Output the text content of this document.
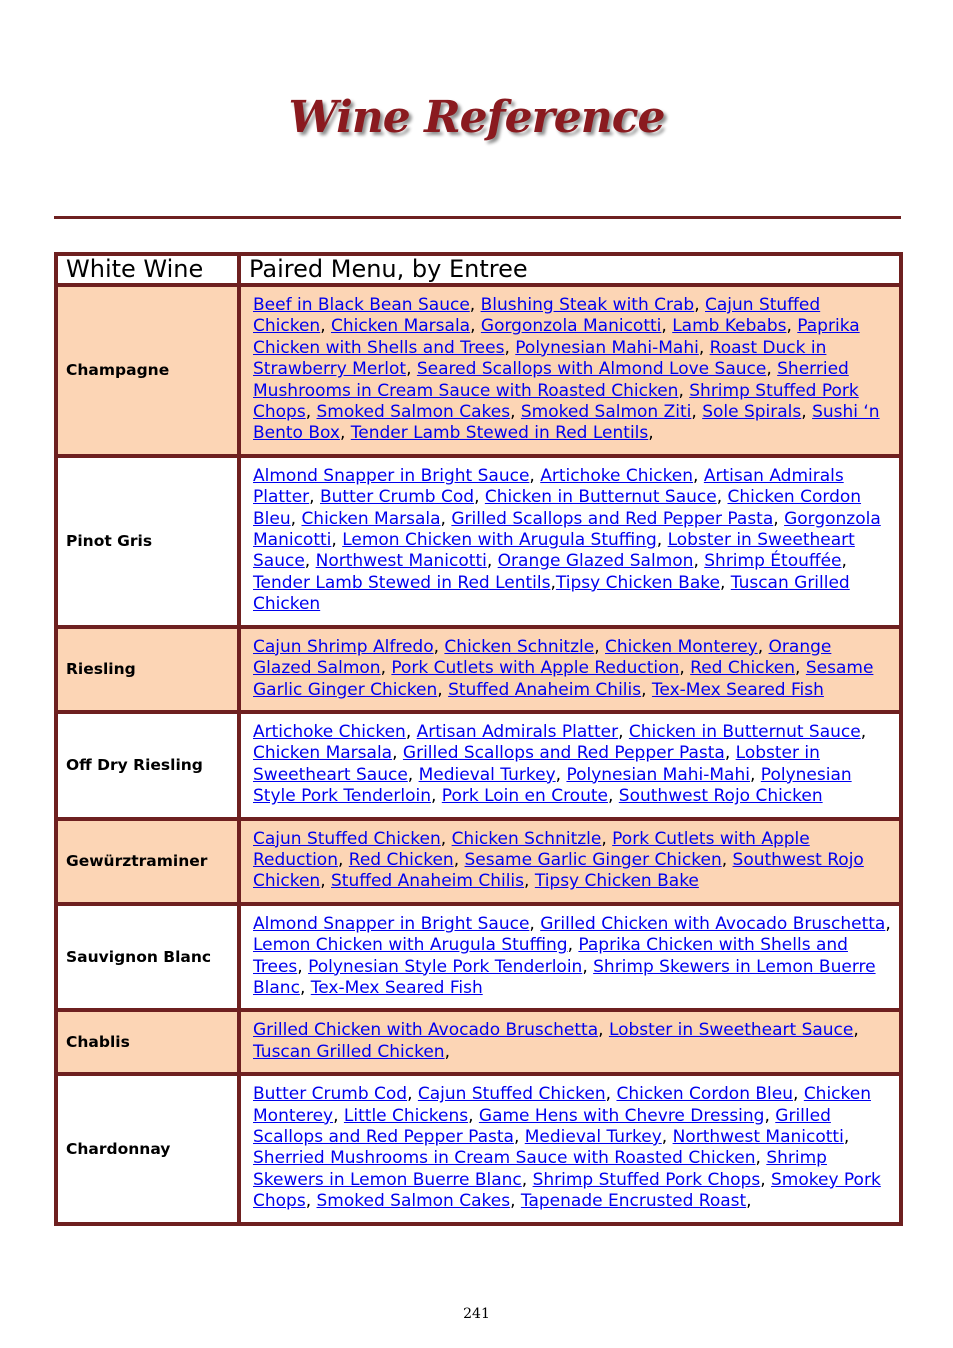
Wine Reference
White Wine	Paired Menu, by Entree
Champagne	Beef in Black Bean Sauce, Blushing Steak with Crab, Cajun Stuffed Chicken, Chicken Marsala, Gorgonzola Manicotti, Lamb Kebabs, Paprika Chicken with Shells and Trees, Polynesian Mahi-Mahi, Roast Duck in Strawberry Merlot, Seared Scallops with Almond Love Sauce, Sherried Mushrooms in Cream Sauce with Roasted Chicken, Shrimp Stuffed Pork Chops, Smoked Salmon Cakes, Smoked Salmon Ziti, Sole Spirals, Sushi ‘n Bento Box, Tender Lamb Stewed in Red Lentils,
Pinot Gris	Almond Snapper in Bright Sauce, Artichoke Chicken, Artisan Admirals Platter, Butter Crumb Cod, Chicken in Butternut Sauce, Chicken Cordon Bleu, Chicken Marsala, Grilled Scallops and Red Pepper Pasta, Gorgonzola Manicotti, Lemon Chicken with Arugula Stuffing, Lobster in Sweetheart Sauce, Northwest Manicotti, Orange Glazed Salmon, Shrimp Étouffée, Tender Lamb Stewed in Red Lentils,Tipsy Chicken Bake, Tuscan Grilled Chicken
Riesling	Cajun Shrimp Alfredo, Chicken Schnitzle, Chicken Monterey, Orange Glazed Salmon, Pork Cutlets with Apple Reduction, Red Chicken, Sesame Garlic Ginger Chicken, Stuffed Anaheim Chilis, Tex-Mex Seared Fish
Off Dry Riesling	Artichoke Chicken, Artisan Admirals Platter, Chicken in Butternut Sauce, Chicken Marsala, Grilled Scallops and Red Pepper Pasta, Lobster in Sweetheart Sauce, Medieval Turkey, Polynesian Mahi-Mahi, Polynesian Style Pork Tenderloin, Pork Loin en Croute, Southwest Rojo Chicken
Gewürztraminer	Cajun Stuffed Chicken, Chicken Schnitzle, Pork Cutlets with Apple Reduction, Red Chicken, Sesame Garlic Ginger Chicken, Southwest Rojo Chicken, Stuffed Anaheim Chilis, Tipsy Chicken Bake
Sauvignon Blanc	Almond Snapper in Bright Sauce, Grilled Chicken with Avocado Bruschetta, Lemon Chicken with Arugula Stuffing, Paprika Chicken with Shells and Trees, Polynesian Style Pork Tenderloin, Shrimp Skewers in Lemon Buerre Blanc, Tex-Mex Seared Fish
Chablis	Grilled Chicken with Avocado Bruschetta, Lobster in Sweetheart Sauce, Tuscan Grilled Chicken,
Chardonnay	Butter Crumb Cod, Cajun Stuffed Chicken, Chicken Cordon Bleu, Chicken Monterey, Little Chickens, Game Hens with Chevre Dressing, Grilled Scallops and Red Pepper Pasta, Medieval Turkey, Northwest Manicotti, Sherried Mushrooms in Cream Sauce with Roasted Chicken, Shrimp Skewers in Lemon Buerre Blanc, Shrimp Stuffed Pork Chops, Smokey Pork Chops, Smoked Salmon Cakes, Tapenade Encrusted Roast,
241
